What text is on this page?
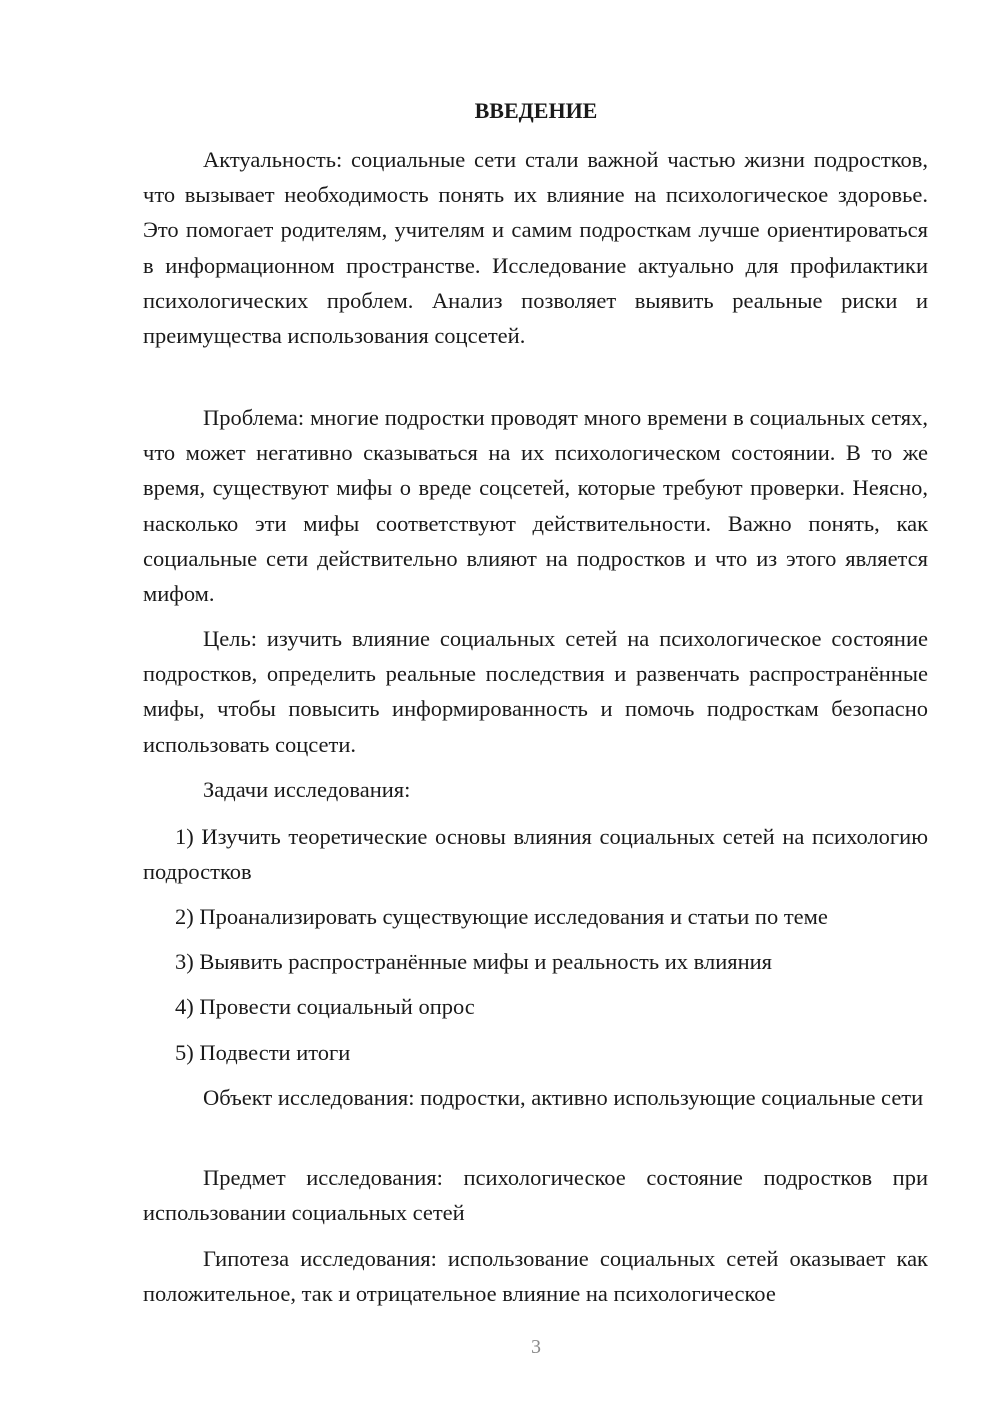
ВВЕДЕНИЕ

Актуальность: социальные сети стали важной частью жизни подростков, что вызывает необходимость понять их влияние на психологическое здоровье. Это помогает родителям, учителям и самим подросткам лучше ориентироваться в информационном пространстве. Исследование актуально для профилактики психологических проблем. Анализ позволяет выявить реальные риски и преимущества использования соцсетей.

Проблема: многие подростки проводят много времени в социальных сетях, что может негативно сказываться на их психологическом состоянии. В то же время, существуют мифы о вреде соцсетей, которые требуют проверки. Неясно, насколько эти мифы соответствуют действительности. Важно понять, как социальные сети действительно влияют на подростков и что из этого является мифом.

Цель: изучить влияние социальных сетей на психологическое состояние подростков, определить реальные последствия и развенчать распространённые мифы, чтобы повысить информированность и помочь подросткам безопасно использовать соцсети.

Задачи исследования:

1) Изучить теоретические основы влияния социальных сетей на психологию подростков

2) Проанализировать существующие исследования и статьи по теме

3) Выявить распространённые мифы и реальность их влияния

4) Провести социальный опрос

5) Подвести итоги

Объект исследования: подростки, активно использующие социальные сети

Предмет исследования: психологическое состояние подростков при использовании социальных сетей

Гипотеза исследования: использование социальных сетей оказывает как положительное, так и отрицательное влияние на психологическое

3
